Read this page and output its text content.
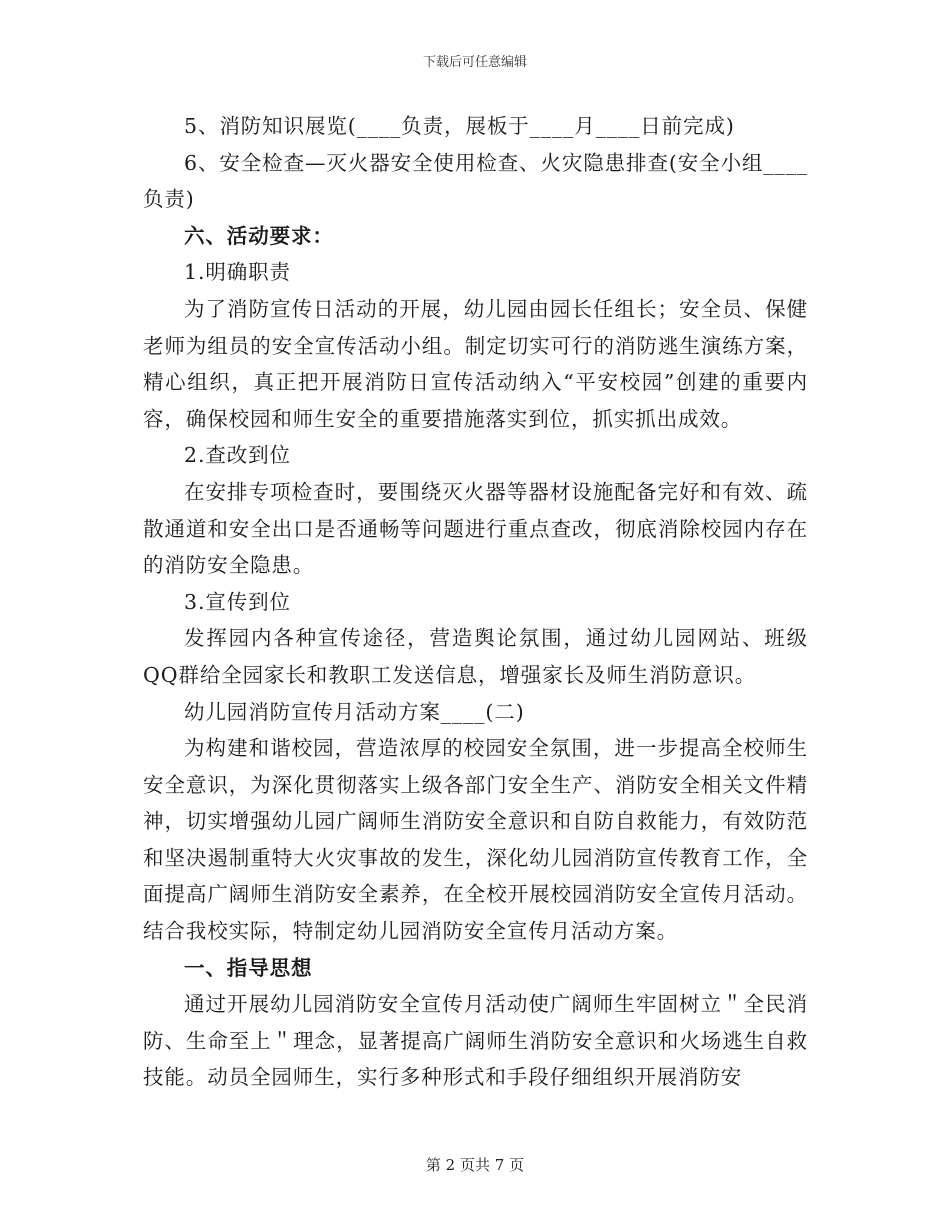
下载后可任意编辑

5、消防知识展览(____负责，展板于____月____日前完成)

6、安全检查—灭火器安全使用检查、火灾隐患排查(安全小组____负责)

六、活动要求：

1.明确职责

为了消防宣传日活动的开展，幼儿园由园长任组长；安全员、保健老师为组员的安全宣传活动小组。制定切实可行的消防逃生演练方案，精心组织，真正把开展消防日宣传活动纳入“平安校园”创建的重要内容，确保校园和师生安全的重要措施落实到位，抓实抓出成效。

2.查改到位

在安排专项检查时，要围绕灭火器等器材设施配备完好和有效、疏散通道和安全出口是否通畅等问题进行重点查改，彻底消除校园内存在的消防安全隐患。

3.宣传到位

发挥园内各种宣传途径，营造舆论氛围，通过幼儿园网站、班级QQ群给全园家长和教职工发送信息，增强家长及师生消防意识。

幼儿园消防宣传月活动方案____(二)

为构建和谐校园，营造浓厚的校园安全氛围，进一步提高全校师生安全意识，为深化贯彻落实上级各部门安全生产、消防安全相关文件精神，切实增强幼儿园广阔师生消防安全意识和自防自救能力，有效防范和坚决遏制重特大火灾事故的发生，深化幼儿园消防宣传教育工作，全面提高广阔师生消防安全素养，在全校开展校园消防安全宣传月活动。结合我校实际，特制定幼儿园消防安全宣传月活动方案。

一、指导思想

通过开展幼儿园消防安全宣传月活动使广阔师生牢固树立＂全民消防、生命至上＂理念，显著提高广阔师生消防安全意识和火场逃生自救技能。动员全园师生，实行多种形式和手段仔细组织开展消防安

第 2 页共 7 页
